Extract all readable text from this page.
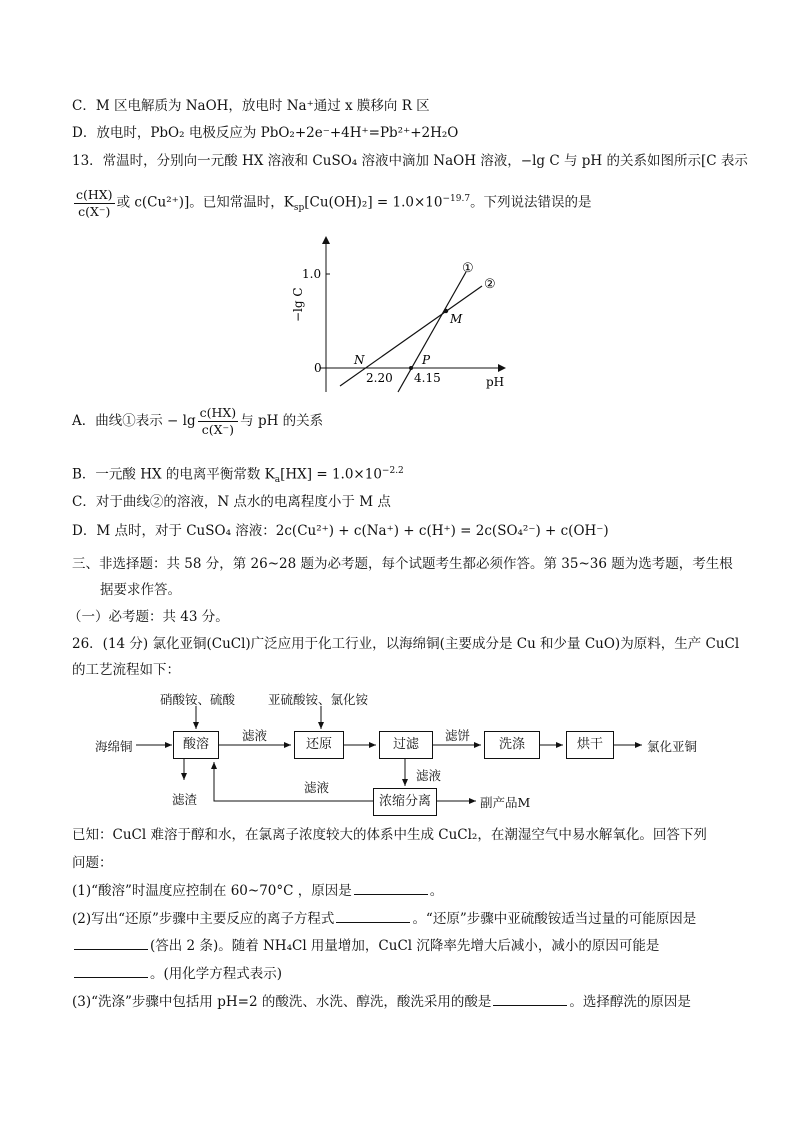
C．M 区电解质为 NaOH，放电时 Na⁺通过 x 膜移向 R 区
D．放电时，PbO₂ 电极反应为 PbO₂+2e⁻+4H⁺=Pb²⁺+2H₂O
13．常温时，分别向一元酸 HX 溶液和 CuSO₄ 溶液中滴加 NaOH 溶液，−lg C 与 pH 的关系如图所示[C 表示
$\frac{c(HX)}{c(X^-)}$ 或 c(Cu²⁺)]。已知常温时，$K_{sp}[Cu(OH)_2] = 1.0\times 10^{-19.7}$。下列说法错误的是
1.0
0
−lg C
pH
①
②
M
N	P
2.20 4.15
A．曲线①表示 − $\lg \frac{c(HX)}{c(X^-)}$ 与 pH 的关系
B．一元酸 HX 的电离平衡常数 $K_a[HX] = 1.0\times 10^{-2.2}$
C．对于曲线②的溶液，N 点水的电离程度小于 M 点
D．M 点时，对于 CuSO₄ 溶液：2c(Cu²⁺) + c(Na⁺) + c(H⁺) = 2c(SO₄²⁻) + c(OH⁻)
三、非选择题：共 58 分，第 26~28 题为必考题，每个试题考生都必须作答。第 35~36 题为选考题，考生根
据要求作答。
（一）必考题：共 43 分。
26．(14 分) 氯化亚铜(CuCl)广泛应用于化工行业，以海绵铜(主要成分是 Cu 和少量 CuO)为原料，生产 CuCl
的工艺流程如下：
硝酸铵、硫酸	亚硫酸铵、氯化铵
海绵铜	酸溶
滤液
还原	过滤
滤饼
洗涤	烘干	氯化亚铜
滤渣
滤液
滤液
浓缩分离	副产品M
已知：CuCl 难溶于醇和水，在氯离子浓度较大的体系中生成 CuCl₂，在潮湿空气中易水解氧化。回答下列
问题：
(1)“酸溶”时温度应控制在 60~70°C ，原因是	。
(2)写出“还原”步骤中主要反应的离子方程式	。“还原”步骤中亚硫酸铵适当过量的可能原因是
(答出 2 条)。随着 NH₄Cl 用量增加，CuCl 沉降率先增大后减小，减小的原因可能是
。(用化学方程式表示)
(3)“洗涤”步骤中包括用 pH=2 的酸洗、水洗、醇洗，酸洗采用的酸是	。选择醇洗的原因是
